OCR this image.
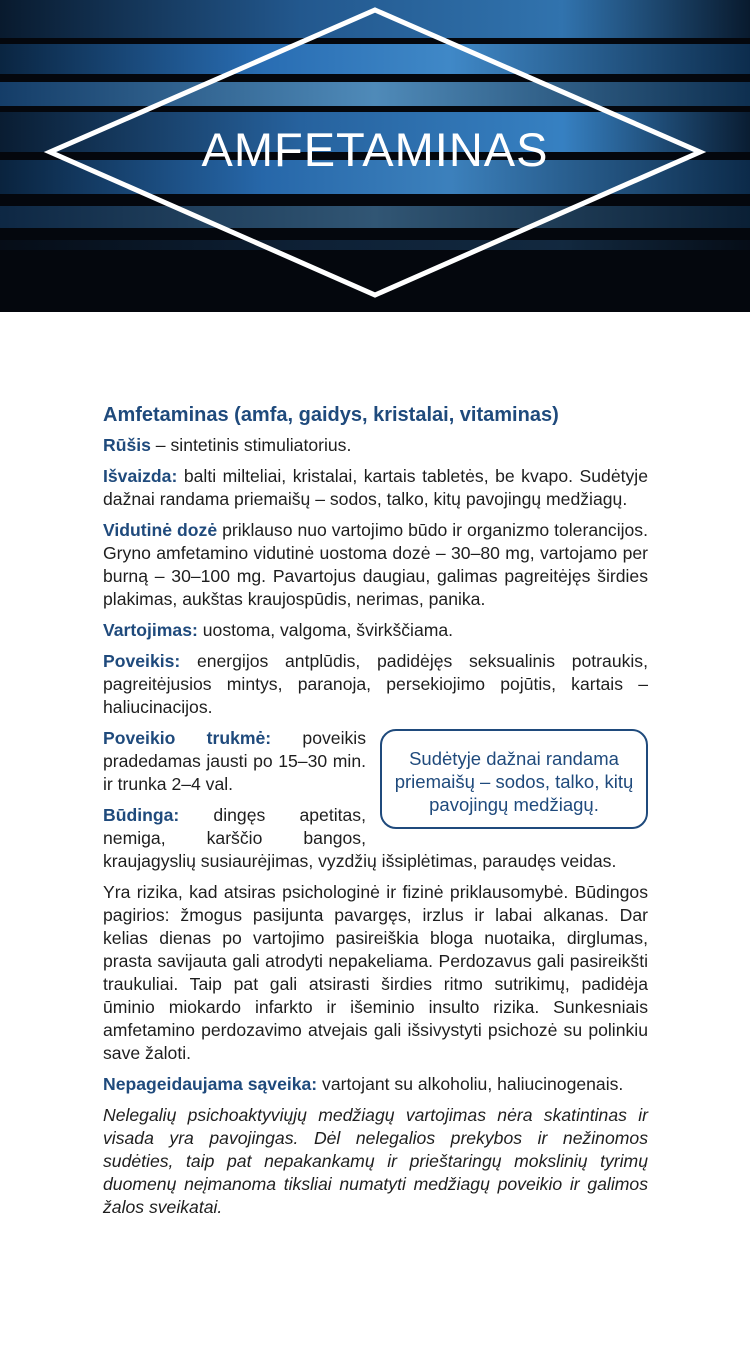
AMFETAMINAS
Amfetaminas (amfa, gaidys, kristalai, vitaminas)

Rūšis – sintetinis stimuliatorius.

Išvaizda: balti milteliai, kristalai, kartais tabletės, be kvapo. Sudėtyje dažnai randama priemaišų – sodos, talko, kitų pavojingų medžiagų.

Vidutinė dozė priklauso nuo vartojimo būdo ir organizmo tolerancijos. Gryno amfetamino vidutinė uostoma dozė – 30–80 mg, vartojamo per burną – 30–100 mg. Pavartojus daugiau, galimas pagreitėjęs širdies plakimas, aukštas kraujospūdis, nerimas, panika.

Vartojimas: uostoma, valgoma, švirkščiama.

Poveikis: energijos antplūdis, padidėjęs seksualinis potraukis, pagreitėjusios mintys, paranoja, persekiojimo pojūtis, kartais – haliucinacijos.

Sudėtyje dažnai randama priemaišų – sodos, talko, kitų pavojingų medžiagų.

Poveikio trukmė: poveikis pradedamas jausti po 15–30 min. ir trunka 2–4 val.

Būdinga: dingęs apetitas, nemiga, karščio bangos, kraujagyslių susiaurėjimas, vyzdžių išsiplėtimas, paraudęs veidas.

Yra rizika, kad atsiras psichologinė ir fizinė priklausomybė. Būdingos pagirios: žmogus pasijunta pavargęs, irzlus ir labai alkanas. Dar kelias dienas po vartojimo pasireiškia bloga nuotaika, dirglumas, prasta savijauta gali atrodyti nepakeliama. Perdozavus gali pasireikšti traukuliai. Taip pat gali atsirasti širdies ritmo sutrikimų, padidėja ūminio miokardo infarkto ir išeminio insulto rizika. Sunkesniais amfetamino perdozavimo atvejais gali išsivystyti psichozė su polinkiu save žaloti.

Nepageidaujama sąveika: vartojant su alkoholiu, haliucinogenais.

Nelegalių psichoaktyviųjų medžiagų vartojimas nėra skatintinas ir visada yra pavojingas. Dėl nelegalios prekybos ir nežinomos sudėties, taip pat nepakankamų ir prieštaringų mokslinių tyrimų duomenų neįmanoma tiksliai numatyti medžiagų poveikio ir galimos žalos sveikatai.
